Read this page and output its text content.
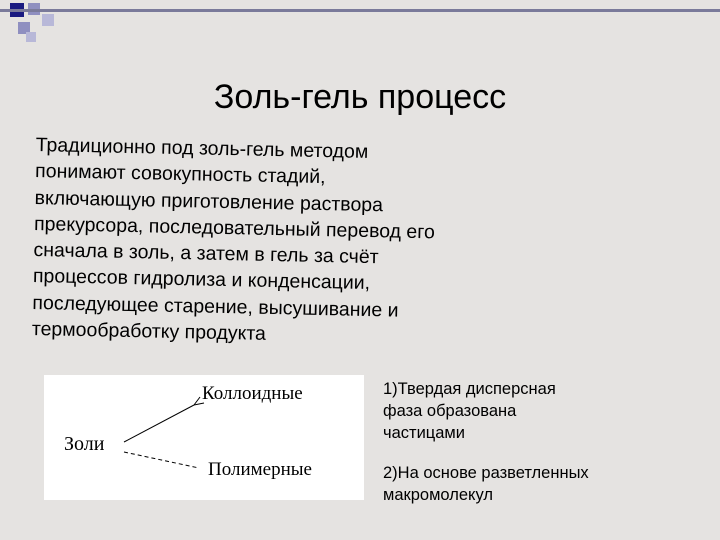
Золь-гель процесс
Традиционно под золь-гель методом
понимают совокупность стадий,
включающую приготовление раствора
прекурсора, последовательный перевод его
сначала в золь, а затем в гель за счёт
процессов гидролиза и конденсации,
последующее старение, высушивание и
термообработку продукта
Золи
Коллоидные
Полимерные
1)Твердая дисперсная
фаза образована
частицами
2)На основе разветленных
макромолекул
